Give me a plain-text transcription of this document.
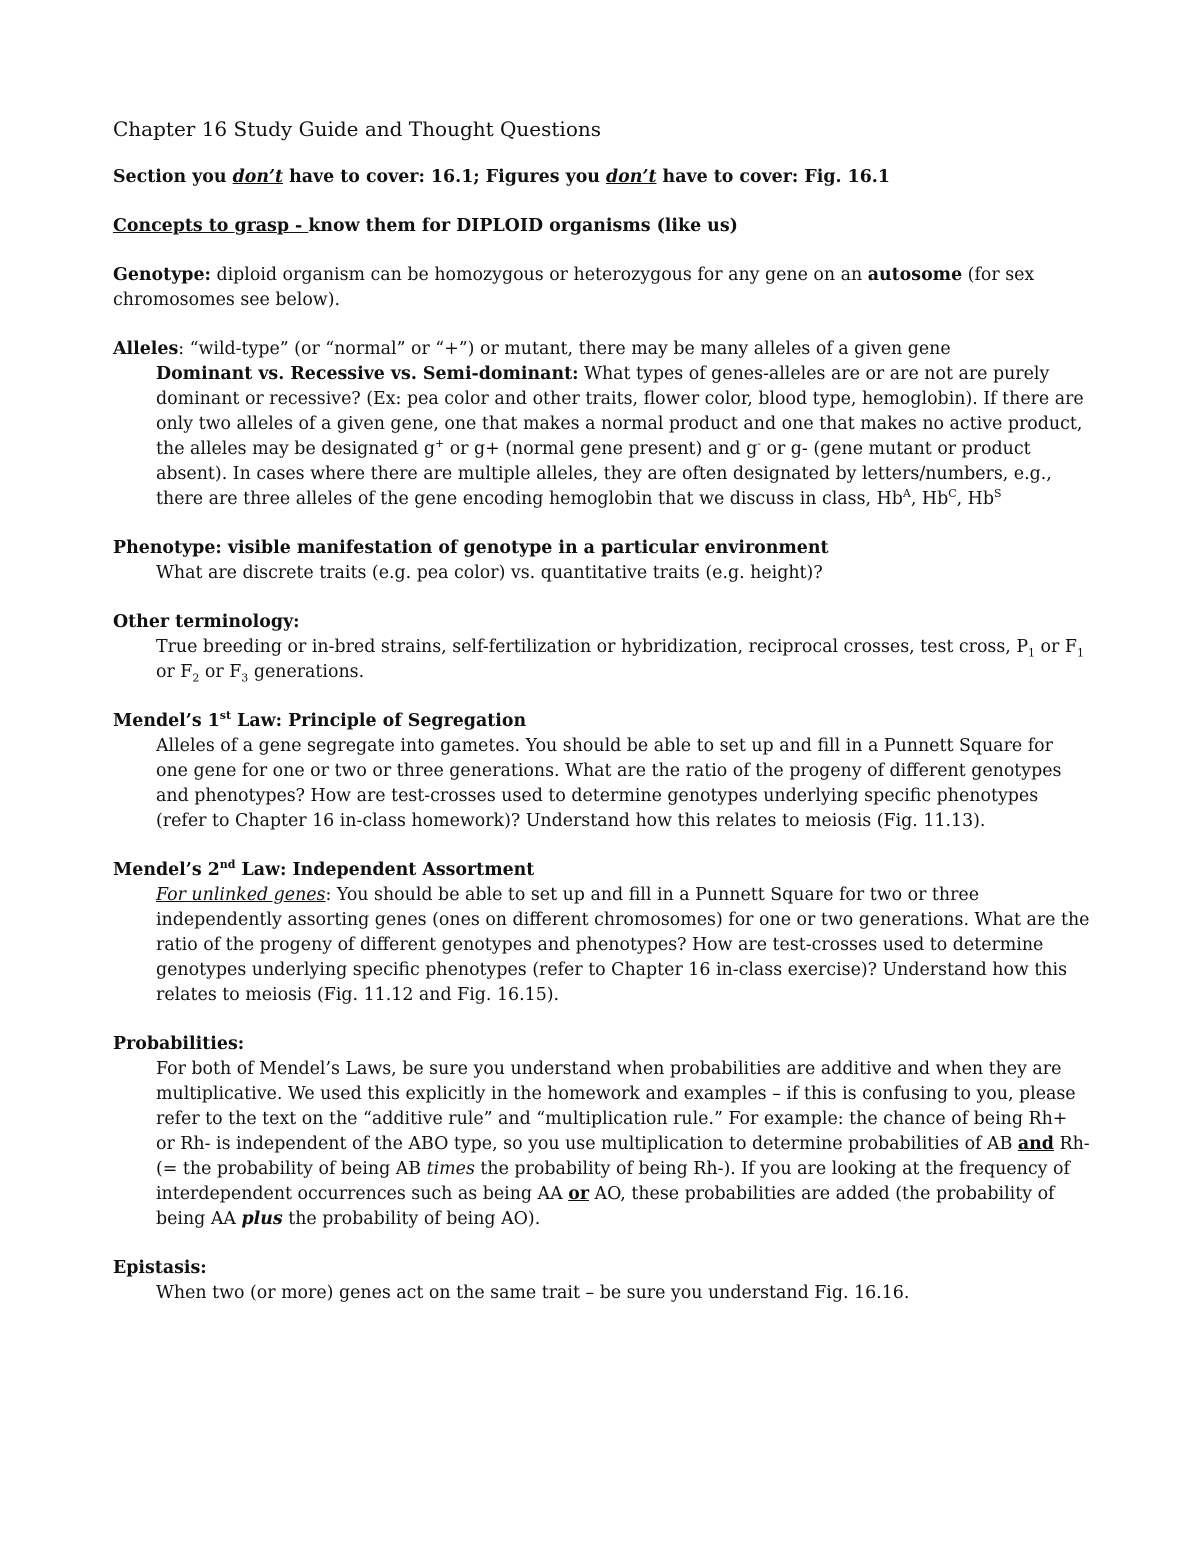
Chapter 16 Study Guide and Thought Questions

Section you don’t have to cover: 16.1; Figures you don’t have to cover: Fig. 16.1

Concepts to grasp - know them for DIPLOID organisms (like us)

Genotype: diploid organism can be homozygous or heterozygous for any gene on an autosome (for sex chromosomes see below).

Alleles: “wild-type” (or “normal” or “+”) or mutant, there may be many alleles of a given gene

Dominant vs. Recessive vs. Semi-dominant: What types of genes-alleles are or are not are purely dominant or recessive? (Ex: pea color and other traits, flower color, blood type, hemoglobin). If there are only two alleles of a given gene, one that makes a normal product and one that makes no active product, the alleles may be designated g+ or g+ (normal gene present) and g- or g- (gene mutant or product absent). In cases where there are multiple alleles, they are often designated by letters/numbers, e.g., there are three alleles of the gene encoding hemoglobin that we discuss in class, $Hb^A$, $Hb^C$, $Hb^S$

Phenotype: visible manifestation of genotype in a particular environment

What are discrete traits (e.g. pea color) vs. quantitative traits (e.g. height)?

Other terminology:

True breeding or in-bred strains, self-fertilization or hybridization, reciprocal crosses, test cross, $P_1$ or $F_1$ or $F_2$ or $F_3$ generations.

Mendel’s 1st Law: Principle of Segregation

Alleles of a gene segregate into gametes. You should be able to set up and fill in a Punnett Square for one gene for one or two or three generations. What are the ratio of the progeny of different genotypes and phenotypes? How are test-crosses used to determine genotypes underlying specific phenotypes (refer to Chapter 16 in-class homework)? Understand how this relates to meiosis (Fig. 11.13).

Mendel’s 2nd Law: Independent Assortment

For unlinked genes: You should be able to set up and fill in a Punnett Square for two or three independently assorting genes (ones on different chromosomes) for one or two generations. What are the ratio of the progeny of different genotypes and phenotypes? How are test-crosses used to determine genotypes underlying specific phenotypes (refer to Chapter 16 in-class exercise)? Understand how this relates to meiosis (Fig. 11.12 and Fig. 16.15).

Probabilities:

For both of Mendel’s Laws, be sure you understand when probabilities are additive and when they are multiplicative. We used this explicitly in the homework and examples – if this is confusing to you, please refer to the text on the “additive rule” and “multiplication rule.” For example: the chance of being Rh+ or Rh- is independent of the ABO type, so you use multiplication to determine probabilities of AB and Rh- (= the probability of being AB times the probability of being Rh-). If you are looking at the frequency of interdependent occurrences such as being AA or AO, these probabilities are added (the probability of being AA plus the probability of being AO).

Epistasis:

When two (or more) genes act on the same trait – be sure you understand Fig. 16.16.
